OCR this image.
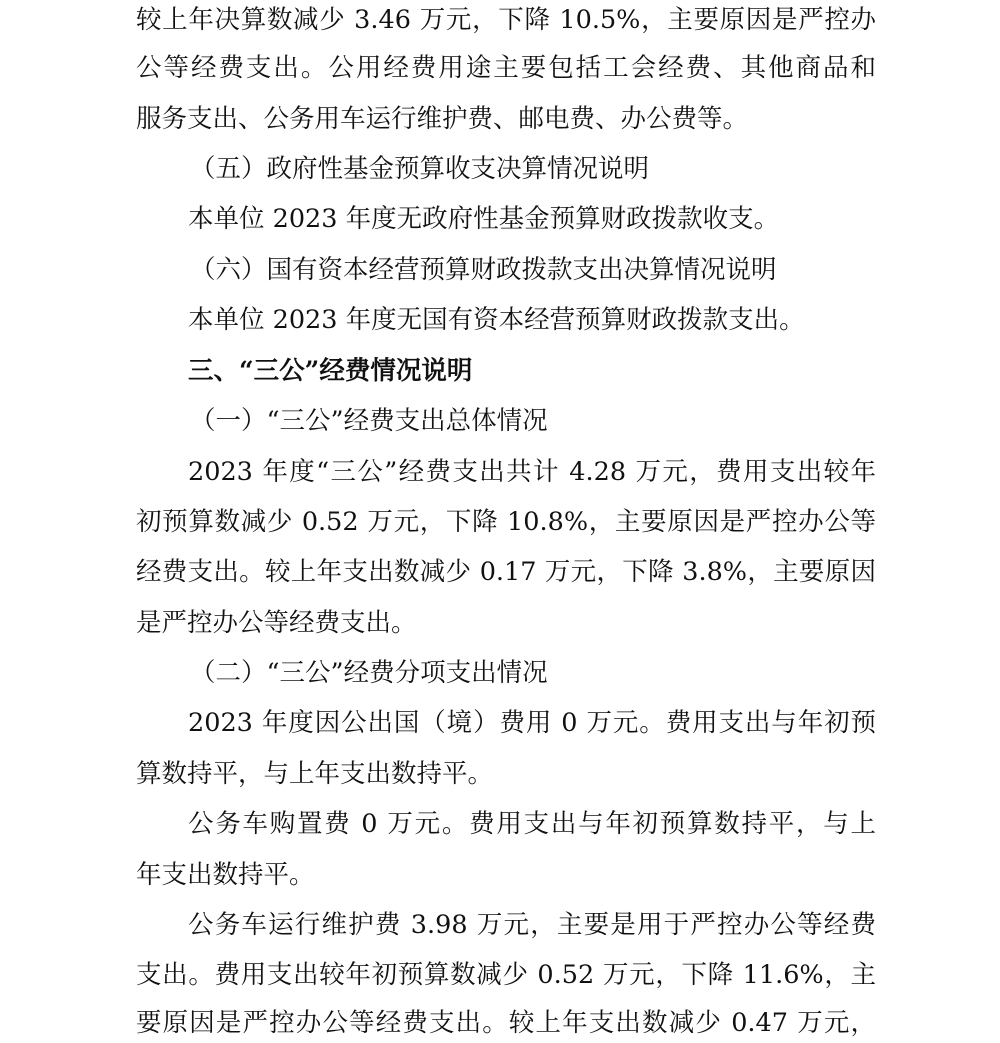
较上年决算数减少 3.46 万元，下降 10.5%，主要原因是严控办
公等经费支出。公用经费用途主要包括工会经费、其他商品和
服务支出、公务用车运行维护费、邮电费、办公费等。
（五）政府性基金预算收支决算情况说明
本单位 2023 年度无政府性基金预算财政拨款收支。
（六）国有资本经营预算财政拨款支出决算情况说明
本单位 2023 年度无国有资本经营预算财政拨款支出。
三、“三公”经费情况说明
（一）“三公”经费支出总体情况
2023 年度“三公”经费支出共计 4.28 万元，费用支出较年
初预算数减少 0.52 万元，下降 10.8%，主要原因是严控办公等
经费支出。较上年支出数减少 0.17 万元，下降 3.8%，主要原因
是严控办公等经费支出。
（二）“三公”经费分项支出情况
2023 年度因公出国（境）费用 0 万元。费用支出与年初预
算数持平，与上年支出数持平。
公务车购置费 0 万元。费用支出与年初预算数持平，与上
年支出数持平。
公务车运行维护费 3.98 万元，主要是用于严控办公等经费
支出。费用支出较年初预算数减少 0.52 万元，下降 11.6%，主
要原因是严控办公等经费支出。较上年支出数减少 0.47 万元，
